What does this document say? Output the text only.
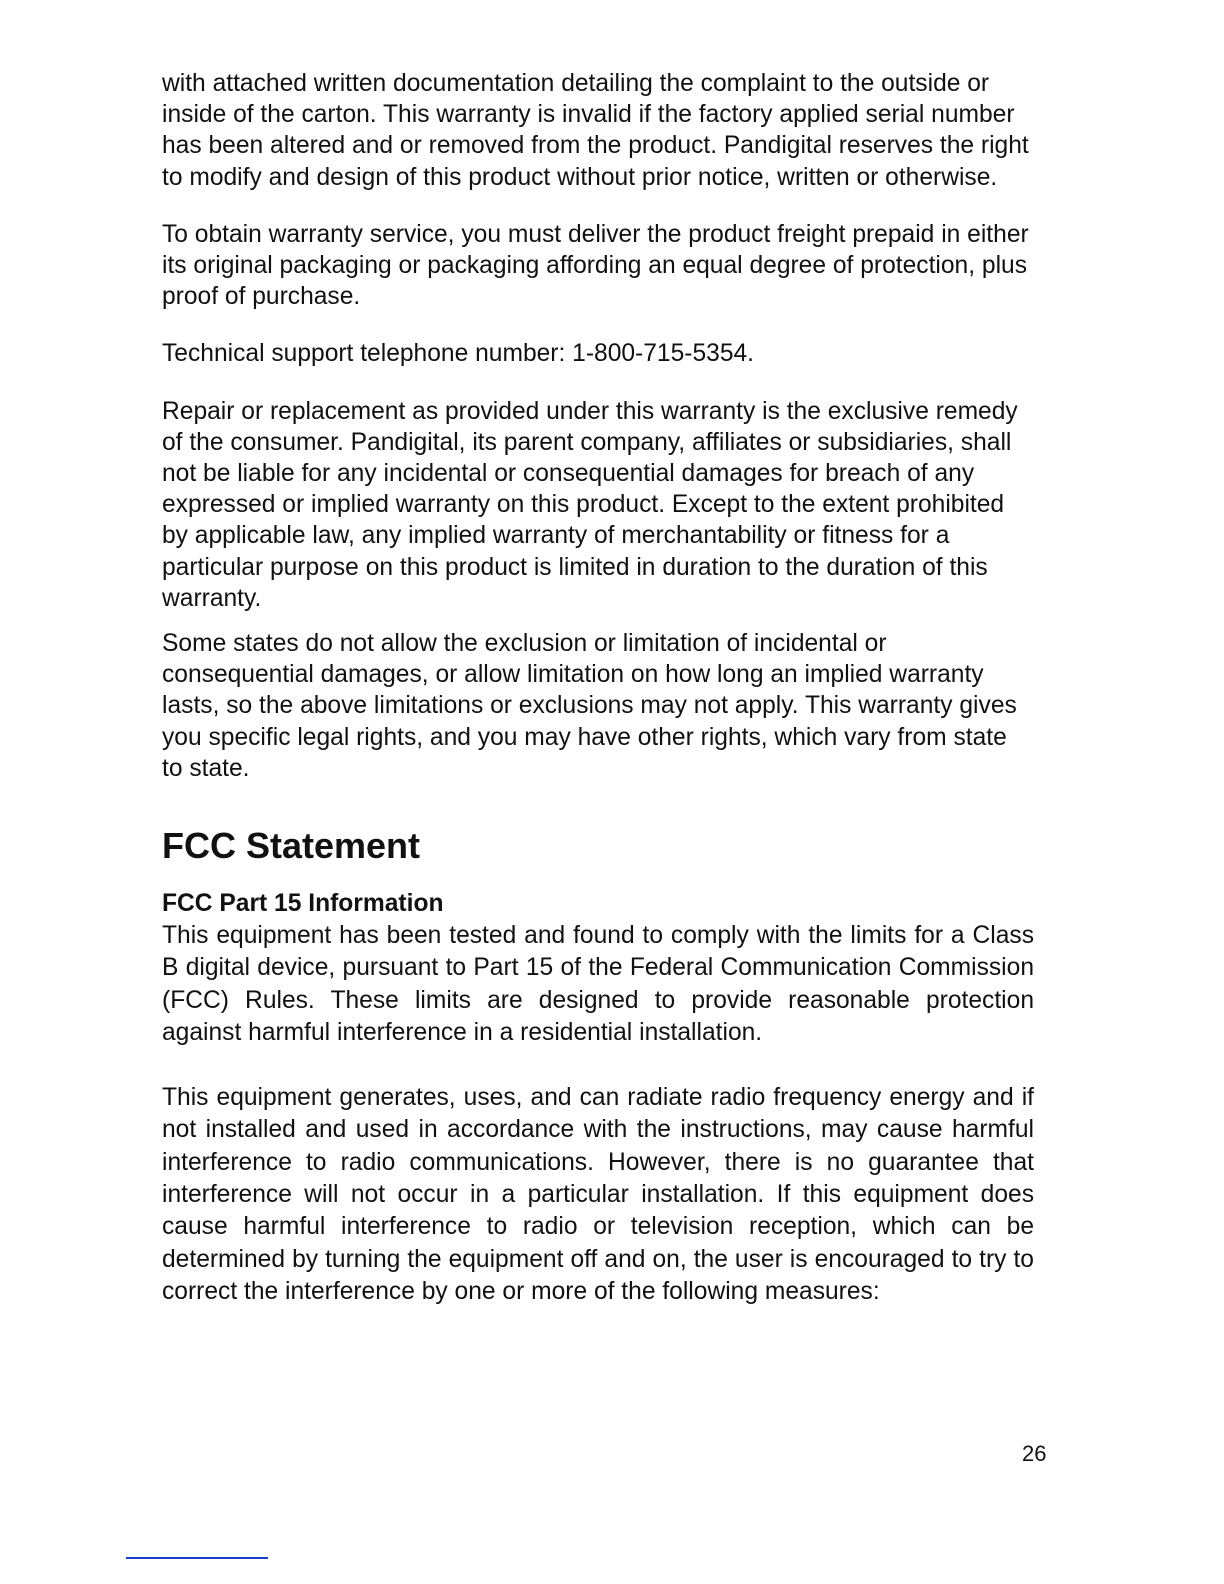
with attached written documentation detailing the complaint to the outside or inside of the carton. This warranty is invalid if the factory applied serial number has been altered and or removed from the product. Pandigital reserves the right to modify and design of this product without prior notice, written or otherwise.

To obtain warranty service, you must deliver the product freight prepaid in either its original packaging or packaging affording an equal degree of protection, plus proof of purchase.

Technical support telephone number: 1-800-715-5354.

Repair or replacement as provided under this warranty is the exclusive remedy of the consumer. Pandigital, its parent company, affiliates or subsidiaries, shall not be liable for any incidental or consequential damages for breach of any expressed or implied warranty on this product. Except to the extent prohibited by applicable law, any implied warranty of merchantability or fitness for a particular purpose on this product is limited in duration to the duration of this warranty.

Some states do not allow the exclusion or limitation of incidental or consequential damages, or allow limitation on how long an implied warranty lasts, so the above limitations or exclusions may not apply. This warranty gives you specific legal rights, and you may have other rights, which vary from state to state.

FCC Statement
FCC Part 15 Information

This equipment has been tested and found to comply with the limits for a Class B digital device, pursuant to Part 15 of the Federal Communication Commission (FCC) Rules. These limits are designed to provide reasonable protection against harmful interference in a residential installation.

This equipment generates, uses, and can radiate radio frequency energy and if not installed and used in accordance with the instructions, may cause harmful interference to radio communications. However, there is no guarantee that interference will not occur in a particular installation. If this equipment does cause harmful interference to radio or television reception, which can be determined by turning the equipment off and on, the user is encouraged to try to correct the interference by one or more of the following measures:

26
